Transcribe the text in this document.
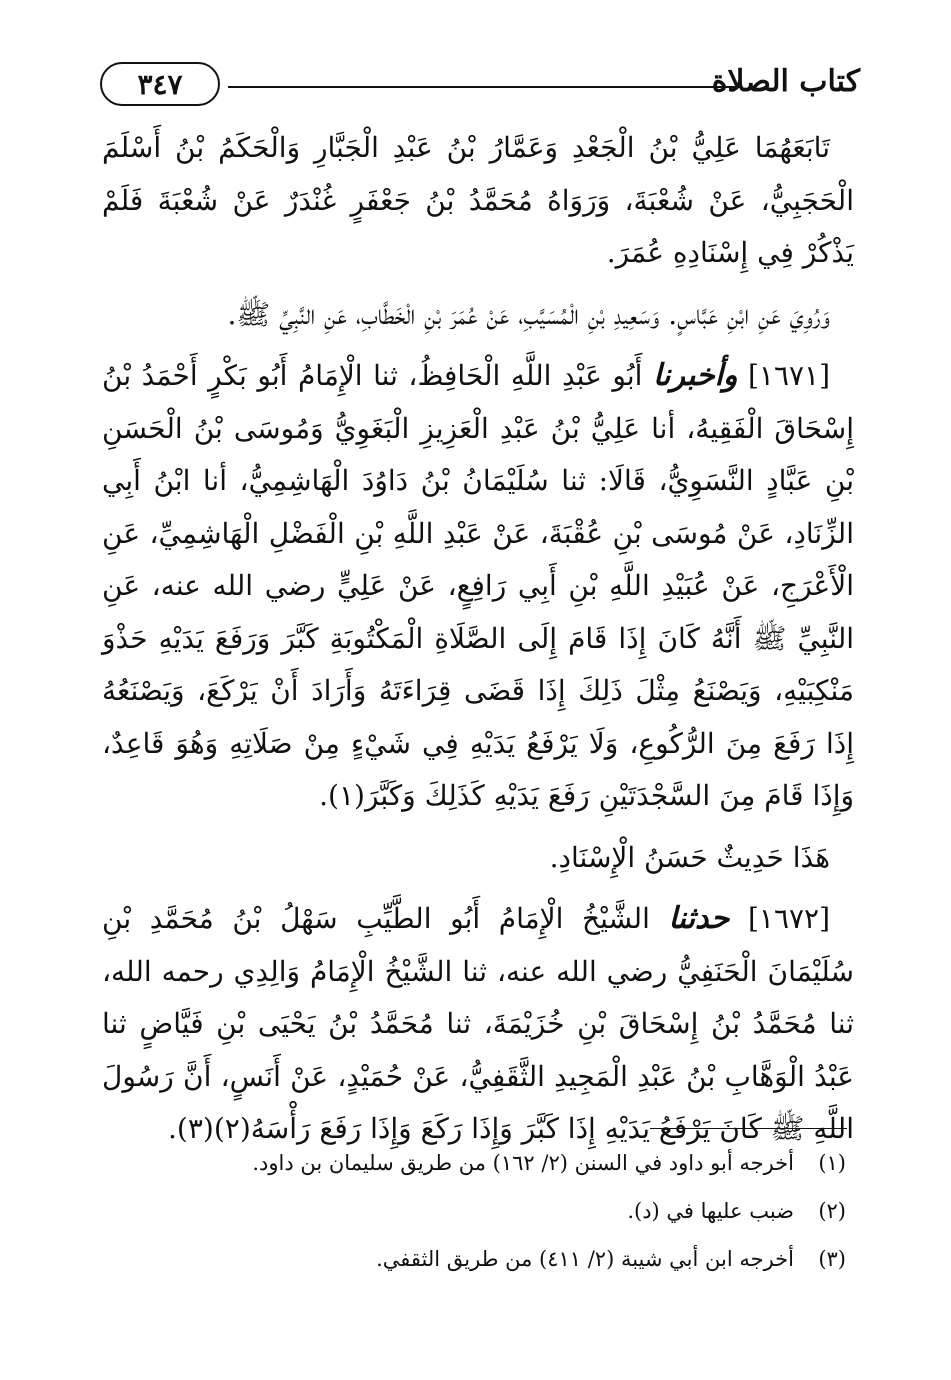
٣٤٧	كتاب الصلاة

تَابَعَهُمَا عَلِيُّ بْنُ الْجَعْدِ وَعَمَّارُ بْنُ عَبْدِ الْجَبَّارِ وَالْحَكَمُ بْنُ أَسْلَمَ الْحَجَبِيُّ، عَنْ شُعْبَةَ، وَرَوَاهُ مُحَمَّدُ بْنُ جَعْفَرٍ غُنْدَرٌ عَنْ شُعْبَةَ فَلَمْ يَذْكُرْ فِي إِسْنَادِهِ عُمَرَ.

وَرُوِيَ عَنِ ابْنِ عَبَّاسٍ. وَسَعِيدِ بْنِ الْمُسَيَّبِ، عَنْ عُمَرَ بْنِ الْخَطَّابِ، عَنِ النَّبِيِّ ﷺ.

[١٦٧١] وأخبرنا أَبُو عَبْدِ اللَّهِ الْحَافِظُ، ثنا الْإِمَامُ أَبُو بَكْرٍ أَحْمَدُ بْنُ إِسْحَاقَ الْفَقِيهُ، أنا عَلِيُّ بْنُ عَبْدِ الْعَزِيزِ الْبَغَوِيُّ وَمُوسَى بْنُ الْحَسَنِ بْنِ عَبَّادٍ النَّسَوِيُّ، قَالَا: ثنا سُلَيْمَانُ بْنُ دَاوُدَ الْهَاشِمِيُّ، أنا ابْنُ أَبِي الزِّنَادِ، عَنْ مُوسَى بْنِ عُقْبَةَ، عَنْ عَبْدِ اللَّهِ بْنِ الْفَضْلِ الْهَاشِمِيِّ، عَنِ الْأَعْرَجِ، عَنْ عُبَيْدِ اللَّهِ بْنِ أَبِي رَافِعٍ، عَنْ عَلِيٍّ رضي الله عنه، عَنِ النَّبِيِّ ﷺ أَنَّهُ كَانَ إِذَا قَامَ إِلَى الصَّلَاةِ الْمَكْتُوبَةِ كَبَّرَ وَرَفَعَ يَدَيْهِ حَذْوَ مَنْكِبَيْهِ، وَيَصْنَعُ مِثْلَ ذَلِكَ إِذَا قَضَى قِرَاءَتَهُ وَأَرَادَ أَنْ يَرْكَعَ، وَيَصْنَعُهُ إِذَا رَفَعَ مِنَ الرُّكُوعِ، وَلَا يَرْفَعُ يَدَيْهِ فِي شَيْءٍ مِنْ صَلَاتِهِ وَهُوَ قَاعِدٌ، وَإِذَا قَامَ مِنَ السَّجْدَتَيْنِ رَفَعَ يَدَيْهِ كَذَلِكَ وَكَبَّرَ(١).

هَذَا حَدِيثٌ حَسَنُ الْإِسْنَادِ.

[١٦٧٢] حدثنا الشَّيْخُ الْإِمَامُ أَبُو الطَّيِّبِ سَهْلُ بْنُ مُحَمَّدِ بْنِ سُلَيْمَانَ الْحَنَفِيُّ رضي الله عنه، ثنا الشَّيْخُ الْإِمَامُ وَالِدِي رحمه الله، ثنا مُحَمَّدُ بْنُ إِسْحَاقَ بْنِ خُزَيْمَةَ، ثنا مُحَمَّدُ بْنُ يَحْيَى بْنِ فَيَّاضٍ ثنا عَبْدُ الْوَهَّابِ بْنُ عَبْدِ الْمَجِيدِ الثَّقَفِيُّ، عَنْ حُمَيْدٍ، عَنْ أَنَسٍ، أَنَّ رَسُولَ اللَّهِ ﷺ كَانَ يَرْفَعُ يَدَيْهِ إِذَا كَبَّرَ وَإِذَا رَكَعَ وَإِذَا رَفَعَ رَأْسَهُ(٢)(٣).

(١)
أخرجه أبو داود في السنن (٢/ ١٦٢) من طريق سليمان بن داود.
(٢)
ضبب عليها في (د).
(٣)
أخرجه ابن أبي شيبة (٢/ ٤١١) من طريق الثقفي.
